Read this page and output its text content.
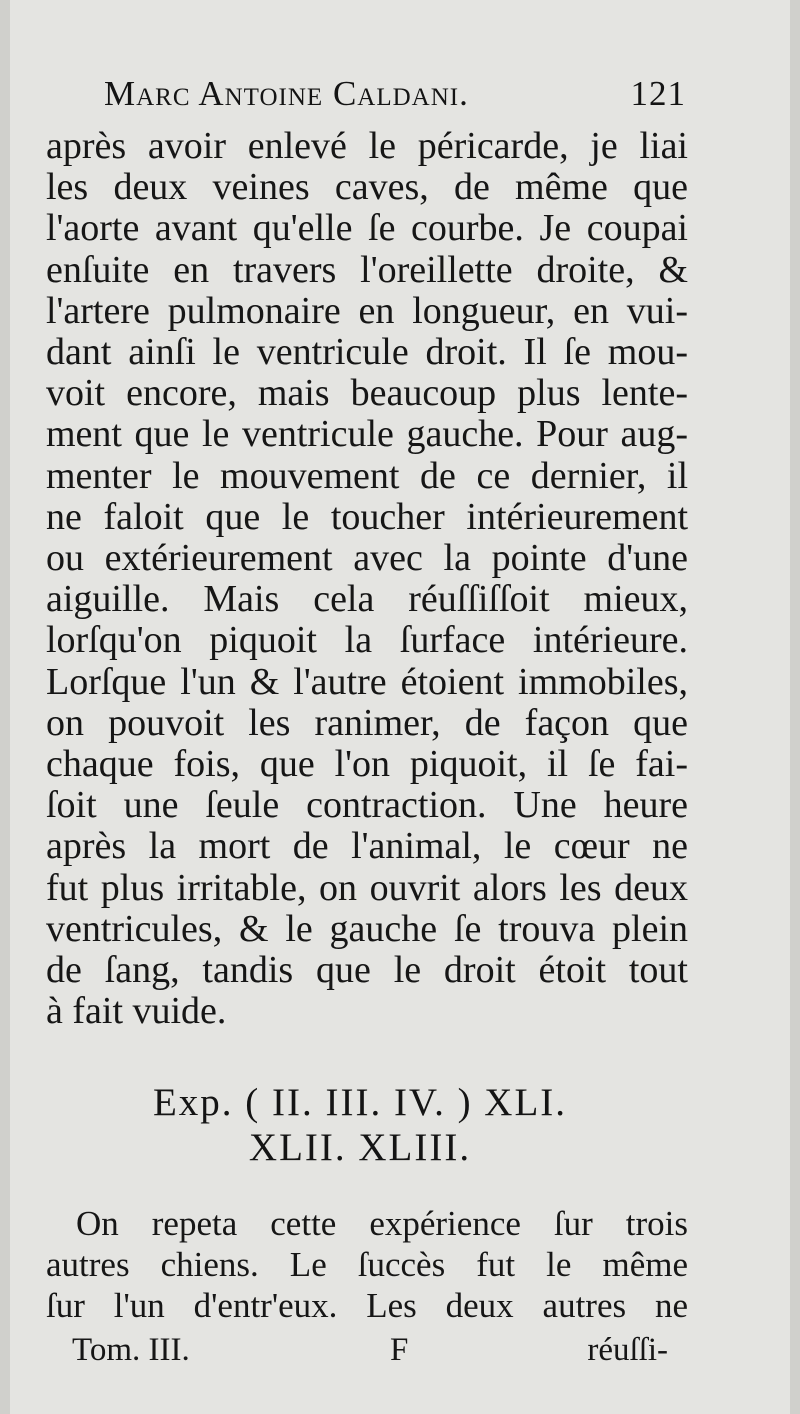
Marc Antoine Caldani.	121
après avoir enlevé le péricarde, je liai
les deux veines caves, de même que
l'aorte avant qu'elle ſe courbe. Je coupai
enſuite en travers l'oreillette droite, &
l'artere pulmonaire en longueur, en vui-
dant ainſi le ventricule droit. Il ſe mou-
voit encore, mais beaucoup plus lente-
ment que le ventricule gauche. Pour aug-
menter le mouvement de ce dernier, il
ne faloit que le toucher intérieurement
ou extérieurement avec la pointe d'une
aiguille. Mais cela réuſſiſſoit mieux,
lorſqu'on piquoit la ſurface intérieure.
Lorſque l'un & l'autre étoient immobiles,
on pouvoit les ranimer, de façon que
chaque fois, que l'on piquoit, il ſe fai-
ſoit une ſeule contraction. Une heure
après la mort de l'animal, le cœur ne
fut plus irritable, on ouvrit alors les deux
ventricules, & le gauche ſe trouva plein
de ſang, tandis que le droit étoit tout
à fait vuide.
Exp. ( II. III. IV. ) XLI.
XLII. XLIII.
On repeta cette expérience ſur trois
autres chiens. Le ſuccès fut le même
ſur l'un d'entr'eux. Les deux autres ne
Tom. III.	F	réuſſi-
